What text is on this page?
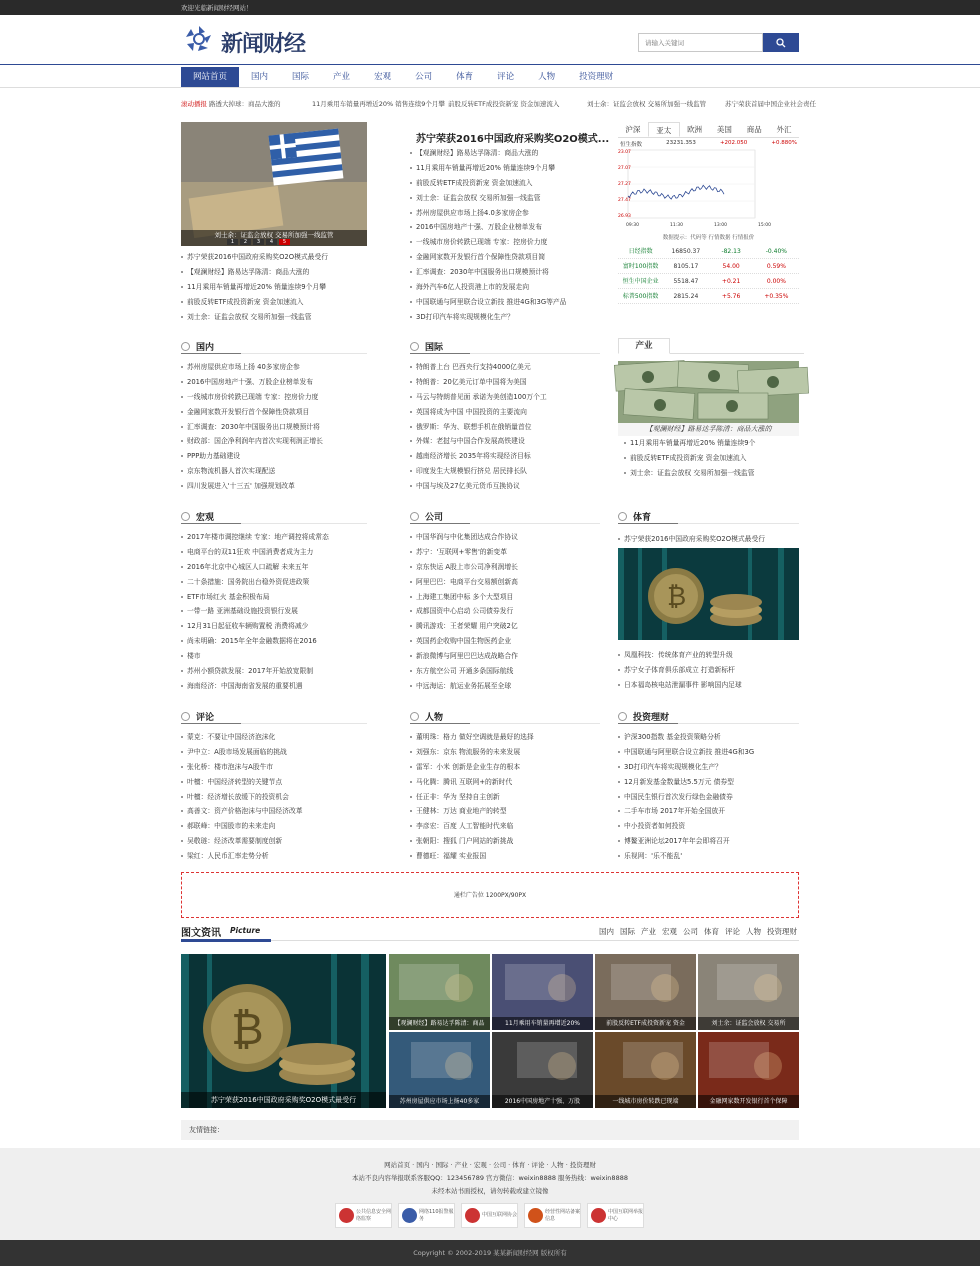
欢迎光临新闻财经网站！
新闻财经
请输入关键词
网站首页	国内	国际	产业	宏观	公司	体育	评论	人物	投资理财
滚动播报 路透大掉球：商品大涨的	11月乘用车销量再增近20% 销售连续9个月攀 前股反转ETF成投资新宠 资金加速流入	刘士余：证监会放权 交易所加强一线监管	苏宁荣获首届中国企业社会责任
刘士余：证监会放权 交易所加强一线监管
1	2	3	4	5
苏宁荣获2016中国政府采购奖O2O模式最受行
【观澜财经】路易达孚陈清：商品大涨的
11月乘用车销量再增近20% 销量连续9个月攀
前股反转ETF成投资新宠 资金加速流入
刘士余：证监会放权 交易所加强一线监管
苏宁荣获2016中国政府采购奖O2O模式...
【观澜财经】路易达孚陈清：商品大涨的
11月乘用车销量再增近20% 销量连续9个月攀
前股反转ETF成投资新宠 资金加速流入
刘士余：证监会放权 交易所加强一线监管
苏州房屋供应市场上扬4.0多家房企参
2016中国房地产十强、万股企业榜单发布
一线城市房价转跌已现端 专家：控房价力度
金融网家数开发银行首个保障性贷款项目简
汇率调查：2030年中国服务出口规模预计将
海外汽车6亿人投资港上市的发展走向
中国联通与阿里联合设立新技 推进4G和3G等产品
3D打印汽车将实现规模化生产？
沪深	亚太	欧洲	美国	商品	外汇
恒生指数	23231.353	+202.050	+0.880%
23.07
27.07
27.27
27.47
26.93
09:30	11:30	13:00	15:00
数据提示：代码等 行情数据 行情报价
日经指数	16850.37	-82.13	-0.40%
富时100指数	8105.17	54.00	0.59%
恒生中国企业	5518.47	+0.21	0.00%
标普500指数	2815.24	+5.76	+0.35%
产业
【观澜财经】路易达孚陈清：商品大涨的
11月乘用车销量再增近20% 销量连续9个
前股反转ETF成投资新宠 资金加速流入
刘士余：证监会放权 交易所加强一线监管
国内
苏州房屋供应市场上扬 40多家房企参
2016中国房地产十强、万股企业榜单发布
一线城市房价转跌已现端 专家：控房价力度
金融网家数开发银行首个保障性贷款项目
汇率调查：2030年中国服务出口规模预计将
财政部：国企净利润年内首次实现利润正增长
PPP助力基础建设
京东物流机器人首次实现配送
四川发展进入'十三五' 加强规划改革
国际
特朗普上台 巴西央行支持4000亿美元
特朗普：20亿美元订单中国将为美国
马云与特朗普见面 承诺为美创造100万个工
英国将成为中国 中国投资的主要流向
俄罗斯：华为、联想手机在俄销量首位
外媒：老挝与中国合作发展高铁建设
越南经济增长 2035年将实现经济目标
印度发生大规模银行挤兑 居民排长队
中国与埃及27亿美元货币互换协议
宏观
2017年楼市调控继续 专家：地产调控将成常态
电商平台的双11狂欢 中国消费者成为主力
2016年北京中心城区人口疏解 未来五年
二十条措施：国务院出台稳外资促进政策
ETF市场红火 基金积极布局
一带一路 亚洲基础设施投资银行发展
12月31日起征收车辆购置税 消费将减少
尚未明确：2015年全年金融数据将在2016
楼市
苏州小额贷款发展：2017年开始放宽限制
海南经济：中国海南省发展的重要机遇
公司
中国华润与中化集团达成合作协议
苏宁：'互联网+零售'的新变革
京东快运 A股上市公司净利润增长
阿里巴巴：电商平台交易额创新高
上海建工集团中标 多个大型项目
成都国资中心启动 公司债券发行
腾讯游戏：王者荣耀 用户突破2亿
英国药企收购中国生物医药企业
新浪微博与阿里巴巴达成战略合作
东方航空公司 开通多条国际航线
中远海运：航运业务拓展至全球
评论
蒙克：不要让中国经济泡沫化
尹中立：A股市场发展面临的挑战
张化桥：楼市泡沫与A股牛市
叶檀：中国经济转型的关键节点
叶檀：经济增长放缓下的投资机会
高善文：资产价格泡沫与中国经济改革
郝联峰：中国股市的未来走向
吴敬琏：经济改革需要制度创新
梁红：人民币汇率走势分析
人物
董明珠：格力 做好空调就是最好的选择
刘强东：京东 物流服务的未来发展
雷军：小米 创新是企业生存的根本
马化腾：腾讯 互联网+的新时代
任正非：华为 坚持自主创新
王健林：万达 商业地产的转型
李彦宏：百度 人工智能时代来临
张朝阳：搜狐 门户网站的新挑战
曹德旺：福耀 实业报国
投资理财
沪深300指数 基金投资策略分析
中国联通与阿里联合设立新技 推进4G和3G
3D打印汽车将实现规模化生产？
12月新发基金数量达5.5万元 债券型
中国民生银行首次发行绿色金融债券
二手车市场 2017年开始全国放开
中小投资者如何投资
博鳌亚洲论坛2017年年会即将召开
乐视网：'乐不能乱'
体育
苏宁荣获2016中国政府采购奖O2O模式最受行
₿
凤凰科技：传统体育产业的转型升级
苏宁女子体育俱乐部成立 打造新标杆
日本福岛核电站泄漏事件 影响国内足球
通栏广告位 1200PX/90PX
图文资讯 Picture	国内 国际 产业 宏观 公司 体育 评论 人物 投资理财
₿
苏宁荣获2016中国政府采购奖O2O模式最受行
【观澜财经】路易达孚陈清：商品	11月乘用车销量再增近20%	前股反转ETF成投资新宠 资金	刘士余：证监会放权 交易所
苏州房屋供应市场上扬40多家	2016中国房地产十强、万股	一线城市房价转跌已现端	金融网家数开发银行首个保障
友情链接：
网站首页 · 国内 · 国际 · 产业 · 宏观 · 公司 · 体育 · 评论 · 人物 · 投资理财
本站不良内容举报联系客服QQ：123456789 官方微信：weixin8888 服务热线：weixin8888
未经本站书面授权，请勿转载或建立镜像
公共信息安全网络监察
网络110报警服务
中国互联网协会
经营性网站备案信息
中国互联网举报中心
Copyright © 2002-2019 某某新闻财经网 版权所有
